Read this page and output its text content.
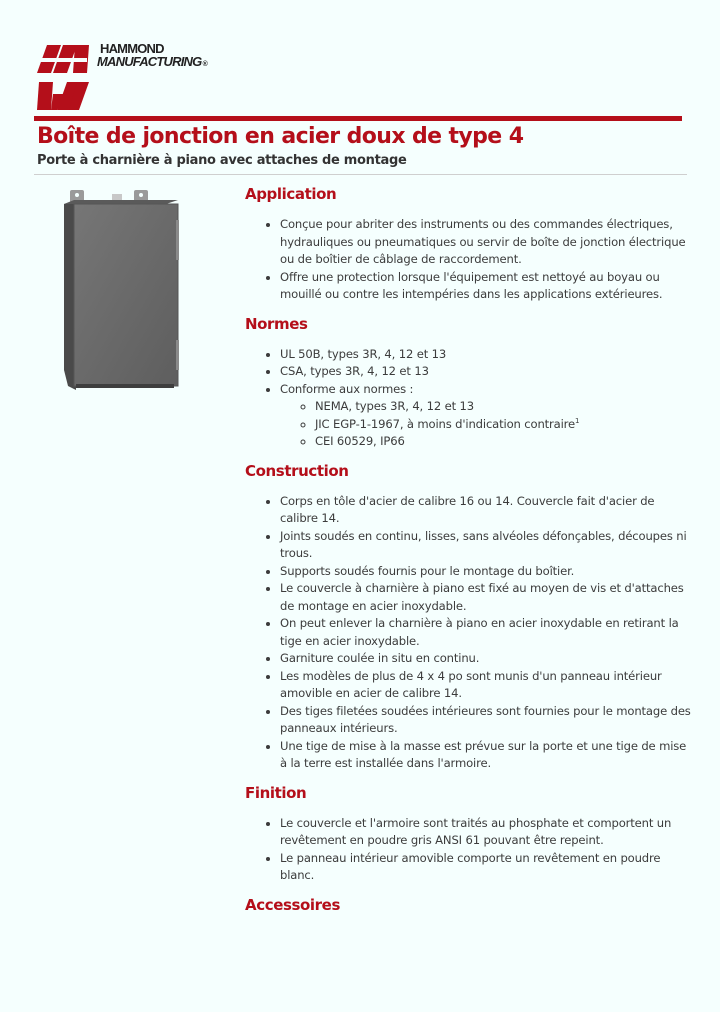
HAMMOND
MANUFACTURING®
Boîte de jonction en acier doux de type 4
Porte à charnière à piano avec attaches de montage
Application
• Conçue pour abriter des instruments ou des commandes électriques, hydrauliques ou pneumatiques ou servir de boîte de jonction électrique ou de boîtier de câblage de raccordement.
• Offre une protection lorsque l'équipement est nettoyé au boyau ou mouillé ou contre les intempéries dans les applications extérieures.
Normes
• UL 50B, types 3R, 4, 12 et 13
• CSA, types 3R, 4, 12 et 13
• Conforme aux normes :
◦ NEMA, types 3R, 4, 12 et 13
◦ JIC EGP-1-1967, à moins d'indication contraire$^1$
◦ CEI 60529, IP66
Construction
• Corps en tôle d'acier de calibre 16 ou 14. Couvercle fait d'acier de calibre 14.
• Joints soudés en continu, lisses, sans alvéoles défonçables, découpes ni trous.
• Supports soudés fournis pour le montage du boîtier.
• Le couvercle à charnière à piano est fixé au moyen de vis et d'attaches de montage en acier inoxydable.
• On peut enlever la charnière à piano en acier inoxydable en retirant la tige en acier inoxydable.
• Garniture coulée in situ en continu.
• Les modèles de plus de 4 x 4 po sont munis d'un panneau intérieur amovible en acier de calibre 14.
• Des tiges filetées soudées intérieures sont fournies pour le montage des panneaux intérieurs.
• Une tige de mise à la masse est prévue sur la porte et une tige de mise à la terre est installée dans l'armoire.
Finition
• Le couvercle et l'armoire sont traités au phosphate et comportent un revêtement en poudre gris ANSI 61 pouvant être repeint.
• Le panneau intérieur amovible comporte un revêtement en poudre blanc.
Accessoires
